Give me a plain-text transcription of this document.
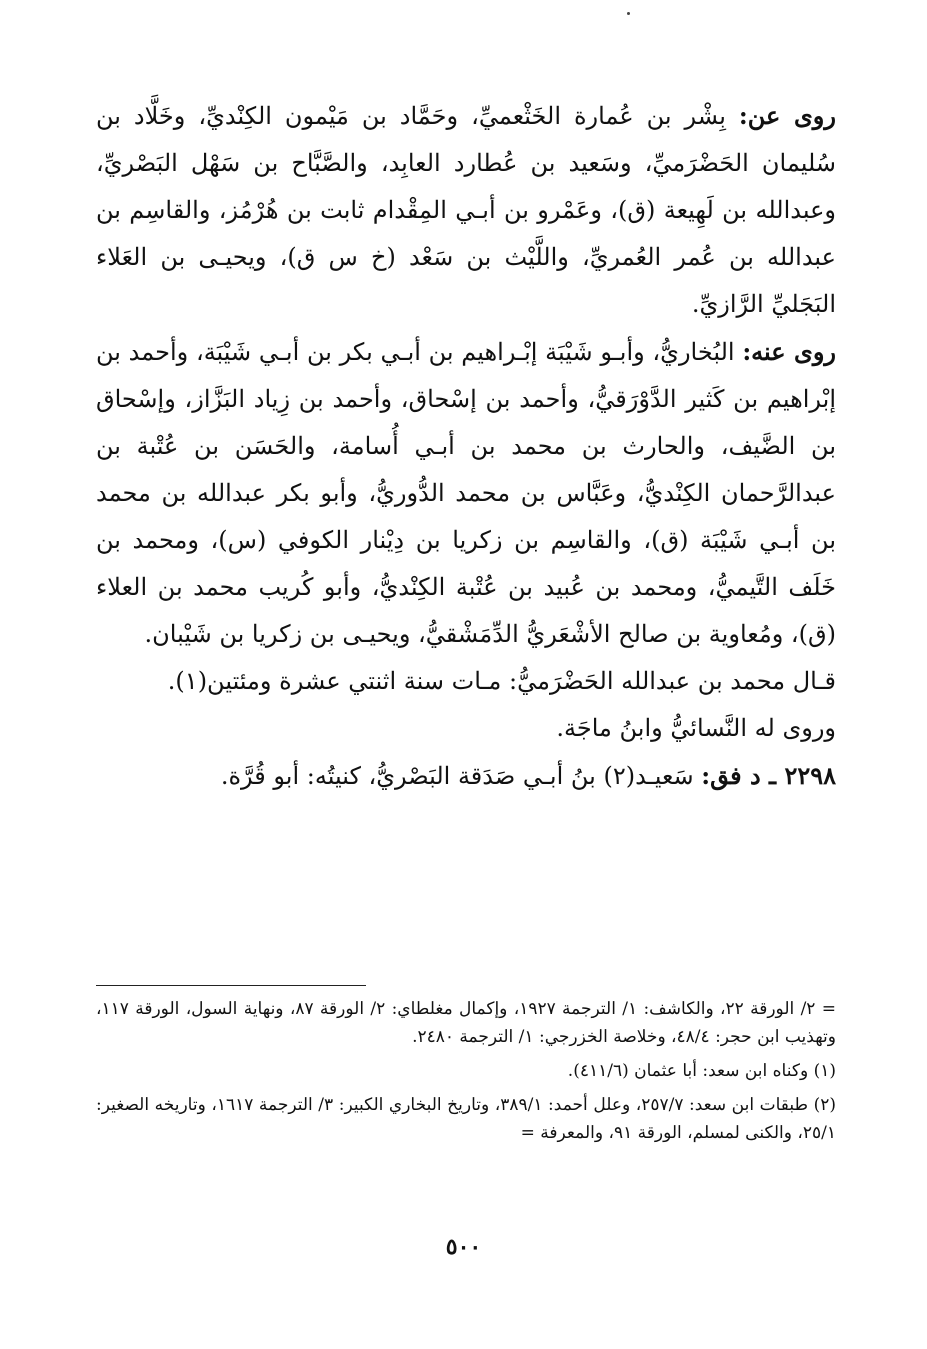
روى عن: بِشْر بن عُمارة الخَثْعميِّ، وحَمَّاد بن مَيْمون الكِنْديِّ، وخَلَّاد بن سُليمان الحَضْرَميِّ، وسَعيد بن عُطارد العابِد، والصَّبَّاح بن سَهْل البَصْريِّ، وعبدالله بن لَهِيعة (ق)، وعَمْرو بن أبـي المِقْدام ثابت بن هُرْمُز، والقاسِم بن عبدالله بن عُمر العُمريِّ، واللَّيْث بن سَعْد (خ س ق)، ويحيـى بن العَلاء البَجَليِّ الرَّازيِّ.

روى عنه: البُخاريُّ، وأبـو شَيْبَة إبْـراهيم بن أبـي بكر بن أبـي شَيْبَة، وأحمد بن إبْراهيم بن كَثير الدَّوْرَقيُّ، وأحمد بن إسْحاق، وأحمد بن زِياد البَزَّاز، وإسْحاق بن الضَّيف، والحارث بن محمد بن أبـي أُسامة، والحَسَن بن عُتْبة بن عبدالرَّحمان الكِنْديُّ، وعَبَّاس بن محمد الدُّوريُّ، وأبو بكر عبدالله بن محمد بن أبـي شَيْبَة (ق)، والقاسِم بن زكريا بن دِيْنار الكوفي (س)، ومحمد بن خَلَف التَّيميُّ، ومحمد بن عُبيد بن عُتْبة الكِنْديُّ، وأبو كُريب محمد بن العلاء (ق)، ومُعاوية بن صالح الأشْعَريُّ الدِّمَشْقيُّ، ويحيـى بن زكريا بن شَيْبان.

قـال محمد بن عبدالله الحَضْرَميُّ: مـات سنة اثنتي عشرة ومئتين(١).

وروى له النَّسائيُّ وابنُ ماجَة.

٢٢٩٨ ـ د فق: سَعيـد(٢) بنُ أبـي صَدَقة البَصْريُّ، كنيتُه: أبو قُرَّة.

= ٢/ الورقة ٢٢، والكاشف: ١/ الترجمة ١٩٢٧، وإكمال مغلطاي: ٢/ الورقة ٨٧، ونهاية السول، الورقة ١١٧، وتهذيب ابن حجر: ٤٨/٤، وخلاصة الخزرجي: ١/ الترجمة ٢٤٨٠.

(١) وكناه ابن سعد: أبا عثمان (٤١١/٦).

(٢) طبقات ابن سعد: ٢٥٧/٧، وعلل أحمد: ٣٨٩/١، وتاريخ البخاري الكبير: ٣/ الترجمة ١٦١٧، وتاريخه الصغير: ٢٥/١، والكنى لمسلم، الورقة ٩١، والمعرفة =

٥٠٠
